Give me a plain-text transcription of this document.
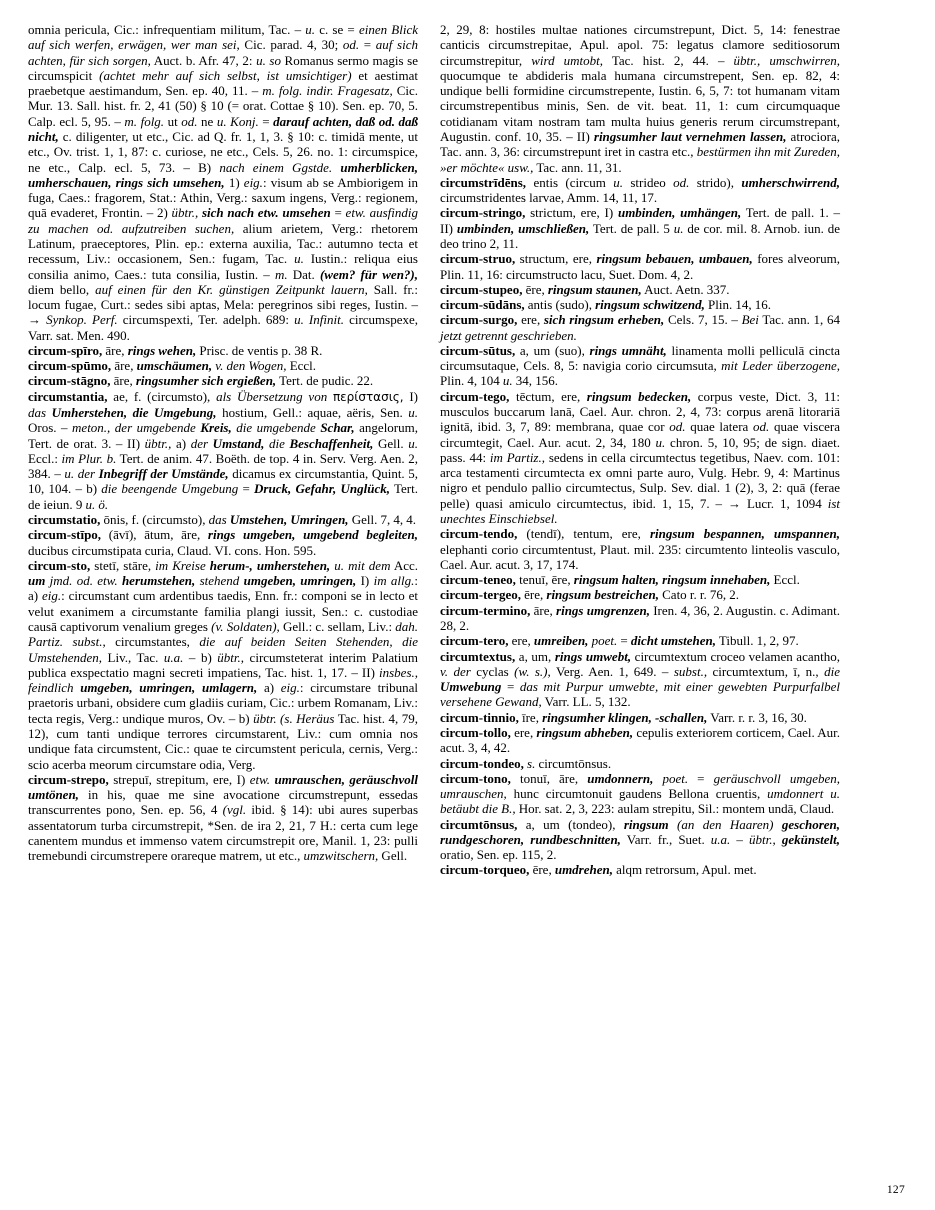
omnia pericula, Cic.: infrequentiam militum, Tac. – u. c. se = einen Blick auf sich werfen, erwägen, wer man sei, Cic. parad. 4, 30; od. = auf sich achten, für sich sorgen, Auct. b. Afr. 47, 2: u. so Romanus sermo magis se circumspicit (achtet mehr auf sich selbst, ist umsichtiger) et aestimat praebetque aestimandum, Sen. ep. 40, 11. – m. folg. indir. Fragesatz, Cic. Mur. 13. Sall. hist. fr. 2, 41 (50) § 10 (= orat. Cottae § 10). Sen. ep. 70, 5. Calp. ecl. 5, 95. – m. folg. ut od. ne u. Konj. = darauf achten, daß od. daß nicht, c. diligenter, ut etc., Cic. ad Q. fr. 1, 1, 3. § 10: c. timidā mente, ut etc., Ov. trist. 1, 1, 87: c. curiose, ne etc., Cels. 5, 26. no. 1: circumspice, ne etc., Calp. ecl. 5, 73. – B) nach einem Ggstde. umherblicken, umherschauen, rings sich umsehen, 1) eig.: visum ab se Ambiorigem in fuga, Caes.: fragorem, Stat.: Athin, Verg.: saxum ingens, Verg.: regionem, quā evaderet, Frontin. – 2) übtr., sich nach etw. umsehen = etw. ausfindig zu machen od. aufzutreiben suchen, alium arietem, Verg.: rhetorem Latinum, praeceptores, Plin. ep.: externa auxilia, Tac.: autumno tecta et recessum, Liv.: occasionem, Sen.: fugam, Tac. u. Iustin.: reliqua eius consilia animo, Caes.: tuta consilia, Iustin. – m. Dat. (wem? für wen?), diem bello, auf einen für den Kr. günstigen Zeitpunkt lauern, Sall. fr.: locum fugae, Curt.: sedes sibi aptas, Mela: peregrinos sibi reges, Iustin. – → Synkop. Perf. circumspexti, Ter. adelph. 689: u. Infinit. circumspexe, Varr. sat. Men. 490.

circum-spīro, āre, rings wehen, Prisc. de ventis p. 38 R.

circum-spūmo, āre, umschäumen, v. den Wogen, Eccl.

circum-stāgno, āre, ringsumher sich ergießen, Tert. de pudic. 22.

circumstantia, ae, f. (circumsto), als Übersetzung von περίστασις, I) das Umherstehen, die Umgebung, hostium, Gell.: aquae, aëris, Sen. u. Oros. – meton., der umgebende Kreis, die umgebende Schar, angelorum, Tert. de orat. 3. – II) übtr., a) der Umstand, die Beschaffenheit, Gell. u. Eccl.: im Plur. b. Tert. de anim. 47. Boëth. de top. 4 in. Serv. Verg. Aen. 2, 384. – u. der Inbegriff der Umstände, dicamus ex circumstantia, Quint. 5, 10, 104. – b) die beengende Umgebung = Druck, Gefahr, Unglück, Tert. de ieiun. 9 u. ö.

circumstatio, ōnis, f. (circumsto), das Umstehen, Umringen, Gell. 7, 4, 4.

circum-stīpo, (āvī), ātum, āre, rings umgeben, umgebend begleiten, ducibus circumstipata curia, Claud. VI. cons. Hon. 595.

circum-sto, stetī, stāre, im Kreise herum-, umherstehen, u. mit dem Acc. um jmd. od. etw. herumstehen, stehend umgeben, umringen, I) im allg.: a) eig.: circumstant cum ardentibus taedis, Enn. fr.: componi se in lecto et velut exanimem a circumstante familia plangi iussit, Sen.: c. custodiae causā captivorum venalium greges (v. Soldaten), Gell.: c. sellam, Liv.: dah. Partiz. subst., circumstantes, die auf beiden Seiten Stehenden, die Umstehenden, Liv., Tac. u.a. – b) übtr., circumsteterat interim Palatium publica exspectatio magni secreti impatiens, Tac. hist. 1, 17. – II) insbes., feindlich umgeben, umringen, umlagern, a) eig.: circumstare tribunal praetoris urbani, obsidere cum gladiis curiam, Cic.: urbem Romanam, Liv.: tecta regis, Verg.: undique muros, Ov. – b) übtr. (s. Heräus Tac. hist. 4, 79, 12), cum tanti undique terrores circumstarent, Liv.: cum omnia nos undique fata circumstent, Cic.: quae te circumstent pericula, cernis, Verg.: scio acerba meorum circumstare odia, Verg.

circum-strepo, strepuī, strepitum, ere, I) etw. umrauschen, geräuschvoll umtönen, in his, quae me sine avocatione circumstrepunt, essedas transcurrentes pono, Sen. ep. 56, 4 (vgl. ibid. § 14): ubi aures superbas assentatorum turba circumstrepit, *Sen. de ira 2, 21, 7 H.: certa cum lege canentem mundus et immenso vatem circumstrepit ore, Manil. 1, 23: pulli tremebundi circumstrepere orareque matrem, ut etc., umzwitschern, Gell.

2, 29, 8: hostiles multae nationes circumstrepunt, Dict. 5, 14: fenestrae canticis circumstrepitae, Apul. apol. 75: legatus clamore seditiosorum circumstrepitur, wird umtobt, Tac. hist. 2, 44. – übtr., umschwirren, quocumque te abdideris mala humana circumstrepent, Sen. ep. 82, 4: undique belli formidine circumstrepente, Iustin. 6, 5, 7: tot humanam vitam circumstrepentibus minis, Sen. de vit. beat. 11, 1: cum circumquaque cotidianam vitam nostram tam multa huius generis rerum circumstrepant, Augustin. conf. 10, 35. – II) ringsumher laut vernehmen lassen, atrociora, Tac. ann. 3, 36: circumstrepunt iret in castra etc., bestürmen ihn mit Zureden, »er möchte« usw., Tac. ann. 11, 31.

circumstrīdēns, entis (circum u. strideo od. strido), umherschwirrend, circumstridentes larvae, Amm. 14, 11, 17.

circum-stringo, strictum, ere, I) umbinden, umhängen, Tert. de pall. 1. – II) umbinden, umschließen, Tert. de pall. 5 u. de cor. mil. 8. Arnob. iun. de deo trino 2, 11.

circum-struo, structum, ere, ringsum bebauen, umbauen, fores alveorum, Plin. 11, 16: circumstructo lacu, Suet. Dom. 4, 2.

circum-stupeo, ēre, ringsum staunen, Auct. Aetn. 337.

circum-sūdāns, antis (sudo), ringsum schwitzend, Plin. 14, 16.

circum-surgo, ere, sich ringsum erheben, Cels. 7, 15. – Bei Tac. ann. 1, 64 jetzt getrennt geschrieben.

circum-sūtus, a, um (suo), rings umnäht, linamenta molli pelliculā cincta circumsutaque, Cels. 8, 5: navigia corio circumsuta, mit Leder überzogene, Plin. 4, 104 u. 34, 156.

circum-tego, tēctum, ere, ringsum bedecken, corpus veste, Dict. 3, 11: musculos buccarum lanā, Cael. Aur. chron. 2, 4, 73: corpus arenā litorariā ignitā, ibid. 3, 7, 89: membrana, quae cor od. quae latera od. quae viscera circumtegit, Cael. Aur. acut. 2, 34, 180 u. chron. 5, 10, 95; de sign. diaet. pass. 44: im Partiz., sedens in cella circumtectus tegetibus, Naev. com. 101: arca testamenti circumtecta ex omni parte auro, Vulg. Hebr. 9, 4: Martinus nigro et pendulo pallio circumtectus, Sulp. Sev. dial. 1 (2), 3, 2: quā (ferae pelle) quasi amiculo circumtectus, ibid. 1, 15, 7. – → Lucr. 1, 1094 ist unechtes Einschiebsel.

circum-tendo, (tendī), tentum, ere, ringsum bespannen, umspannen, elephanti corio circumtentust, Plaut. mil. 235: circumtento linteolis vasculo, Cael. Aur. acut. 3, 17, 174.

circum-teneo, tenuī, ēre, ringsum halten, ringsum innehaben, Eccl.

circum-tergeo, ēre, ringsum bestreichen, Cato r. r. 76, 2.

circum-termino, āre, rings umgrenzen, Iren. 4, 36, 2. Augustin. c. Adimant. 28, 2.

circum-tero, ere, umreiben, poet. = dicht umstehen, Tibull. 1, 2, 97.

circumtextus, a, um, rings umwebt, circumtextum croceo velamen acantho, v. der cyclas (w. s.), Verg. Aen. 1, 649. – subst., circumtextum, ī, n., die Umwebung = das mit Purpur umwebte, mit einer gewebten Purpurfalbel versehene Gewand, Varr. LL. 5, 132.

circum-tinnio, īre, ringsumher klingen, -schallen, Varr. r. r. 3, 16, 30.

circum-tollo, ere, ringsum abheben, cepulis exteriorem corticem, Cael. Aur. acut. 3, 4, 42.

circum-tondeo, s. circumtōnsus.

circum-tono, tonuī, āre, umdonnern, poet. = geräuschvoll umgeben, umrauschen, hunc circumtonuit gaudens Bellona cruentis, umdonnert u. betäubt die B., Hor. sat. 2, 3, 223: aulam strepitu, Sil.: montem undā, Claud.

circumtōnsus, a, um (tondeo), ringsum (an den Haaren) geschoren, rundgeschoren, rundbeschnitten, Varr. fr., Suet. u.a. – übtr., gekünstelt, oratio, Sen. ep. 115, 2.

circum-torqueo, ēre, umdrehen, alqm retrorsum, Apul. met.

127
